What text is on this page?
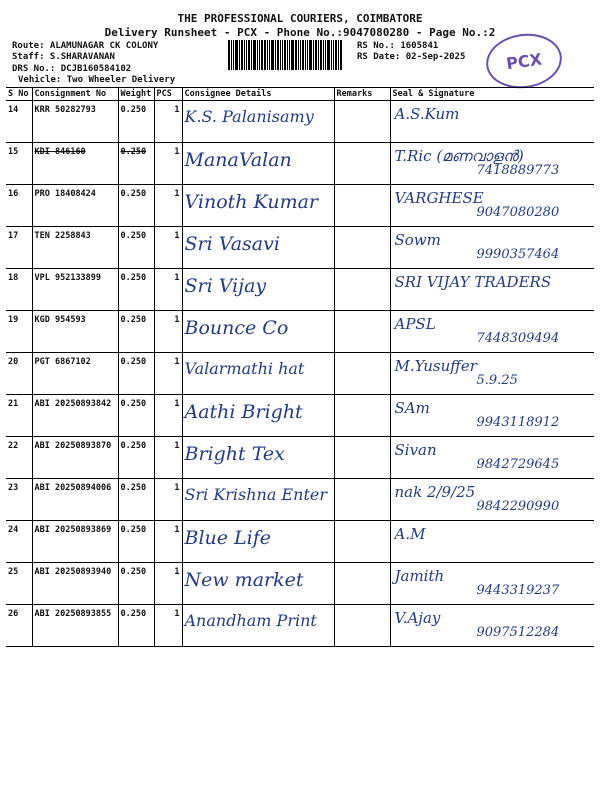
THE PROFESSIONAL COURIERS, COIMBATORE
Delivery Runsheet - PCX - Phone No.:9047080280 - Page No.:2
Route: ALAMUNAGAR CK COLONY
Staff: S.SHARAVANAN
DRS No.: DCJB160584102
Vehicle: Two Wheeler Delivery
RS No.: 1605841
RS Date: 02-Sep-2025	PCX
S No	Consignment No	Weight	PCS	Consignee Details	Remarks	Seal & Signature
14	KRR 50282793	0.250	1	K.S. Palanisamy		A.S.Kum

15	KDI 846160	0.250	1	ManaValan		T.Ric (മണവാളൻ)
7418889773

16	PRO 18408424	0.250	1	Vinoth Kumar		VARGHESE
9047080280

17	TEN 2258843	0.250	1	Sri Vasavi		Sowm
9990357464

18	VPL 952133899	0.250	1	Sri Vijay		SRI VIJAY TRADERS

19	KGD 954593	0.250	1	Bounce Co		APSL
7448309494

20	PGT 6867102	0.250	1	Valarmathi hat		M.Yusuffer
5.9.25

21	ABI 20250893842	0.250	1	Aathi Bright		SAm
9943118912

22	ABI 20250893870	0.250	1	Bright Tex		Sivan
9842729645

23	ABI 20250894006	0.250	1	Sri Krishna Enter		nak 2/9/25
9842290990

24	ABI 20250893869	0.250	1	Blue Life		A.M

25	ABI 20250893940	0.250	1	New market		Jamith
9443319237

26	ABI 20250893855	0.250	1	Anandham Print		V.Ajay
9097512284
